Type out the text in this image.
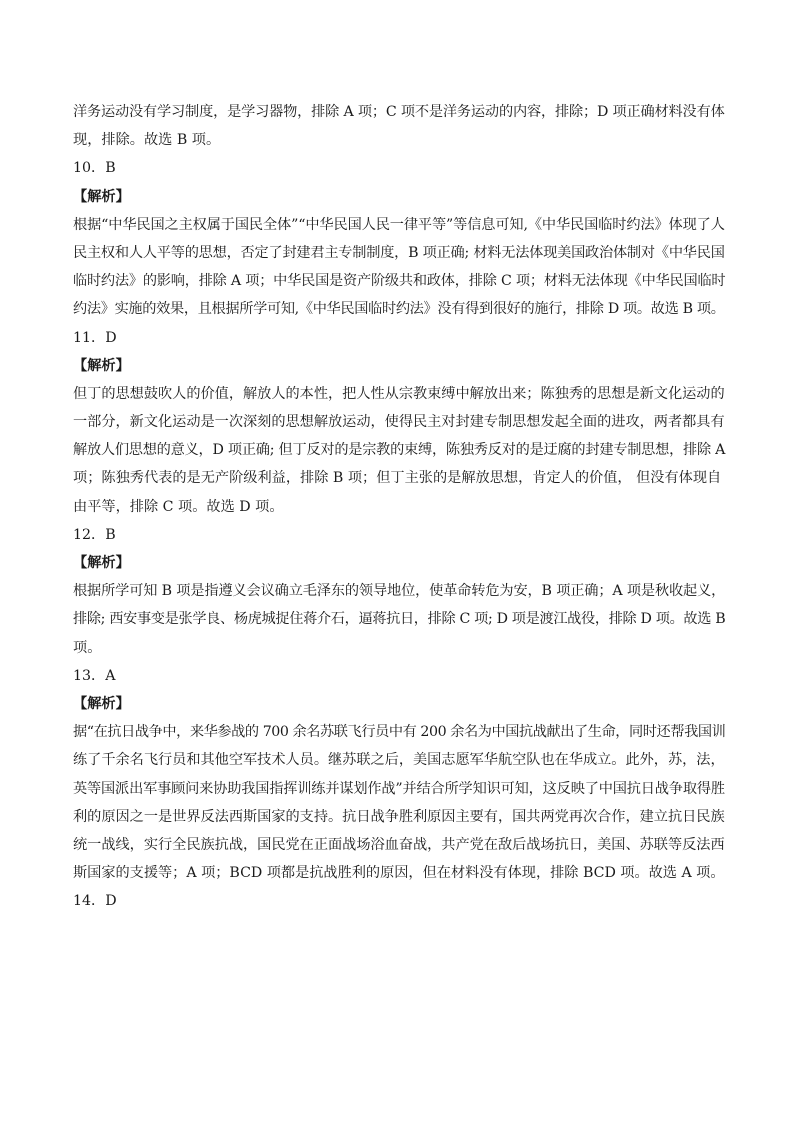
洋务运动没有学习制度，是学习器物，排除 A 项；C 项不是洋务运动的内容，排除；D 项正确材料没有体
现，排除。故选 B 项。
10．B
【解析】
根据“中华民国之主权属于国民全体”“中华民国人民一律平等”等信息可知,《中华民国临时约法》体现了人
民主权和人人平等的思想，否定了封建君主专制制度，B 项正确; 材料无法体现美国政治体制对《中华民国
临时约法》的影响，排除 A 项；中华民国是资产阶级共和政体，排除 C 项；材料无法体现《中华民国临时
约法》实施的效果，且根据所学可知,《中华民国临时约法》没有得到很好的施行，排除 D 项。故选 B 项。
11．D
【解析】
但丁的思想鼓吹人的价值，解放人的本性，把人性从宗教束缚中解放出来；陈独秀的思想是新文化运动的
一部分，新文化运动是一次深刻的思想解放运动，使得民主对封建专制思想发起全面的进攻，两者都具有
解放人们思想的意义，D 项正确; 但丁反对的是宗教的束缚，陈独秀反对的是迂腐的封建专制思想，排除 A
项；陈独秀代表的是无产阶级利益，排除 B 项；但丁主张的是解放思想，肯定人的价值， 但没有体现自
由平等，排除 C 项。故选 D 项。
12．B
【解析】
根据所学可知 B 项是指遵义会议确立毛泽东的领导地位，使革命转危为安，B 项正确；A 项是秋收起义，
排除; 西安事变是张学良、杨虎城捉住蒋介石，逼蒋抗日，排除 C 项; D 项是渡江战役，排除 D 项。故选 B
项。
13．A
【解析】
据“在抗日战争中，来华参战的 700 余名苏联飞行员中有 200 余名为中国抗战献出了生命，同时还帮我国训
练了千余名飞行员和其他空军技术人员。继苏联之后，美国志愿军华航空队也在华成立。此外，苏，法，
英等国派出军事顾问来协助我国指挥训练并谋划作战”并结合所学知识可知，这反映了中国抗日战争取得胜
利的原因之一是世界反法西斯国家的支持。抗日战争胜利原因主要有，国共两党再次合作，建立抗日民族
统一战线，实行全民族抗战，国民党在正面战场浴血奋战，共产党在敌后战场抗日，美国、苏联等反法西
斯国家的支援等；A 项；BCD 项都是抗战胜利的原因，但在材料没有体现，排除 BCD 项。故选 A 项。
14．D
